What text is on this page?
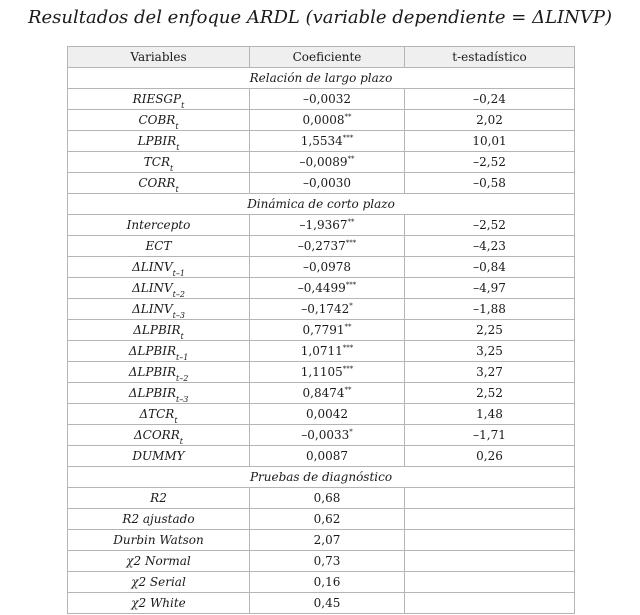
Resultados del enfoque ARDL (variable dependiente = ΔLINVP)
Variables	Coeficiente	t-estadístico
Relación de largo plazo		
$RIESGP_t$	–0,0032	–0,24
$COBR_t$	0,0008**	2,02
$LPBIR_t$	1,5534***	10,01
$TCR_t$	–0,0089**	–2,52
$CORR_t$	–0,0030	–0,58
Dinámica de corto plazo		
Intercepto	–1,9367**	–2,52
ECT	–0,2737***	–4,23
$\Delta LINV_{t-1}$	–0,0978	–0,84
$\Delta LINV_{t-2}$	–0,4499***	–4,97
$\Delta LINV_{t-3}$	–0,1742*	–1,88
$\Delta LPBIR_t$	0,7791**	2,25
$\Delta LPBIR_{t-1}$	1,0711***	3,25
$\Delta LPBIR_{t-2}$	1,1105***	3,27
$\Delta LPBIR_{t-3}$	0,8474**	2,52
$\Delta TCR_t$	0,0042	1,48
$\Delta CORR_t$	–0,0033*	–1,71
DUMMY	0,0087	0,26
Pruebas de diagnóstico		
R2	0,68	
R2 ajustado	0,62	
Durbin Watson	2,07	
χ2 Normal	0,73	
χ2 Serial	0,16	
χ2 White	0,45	
